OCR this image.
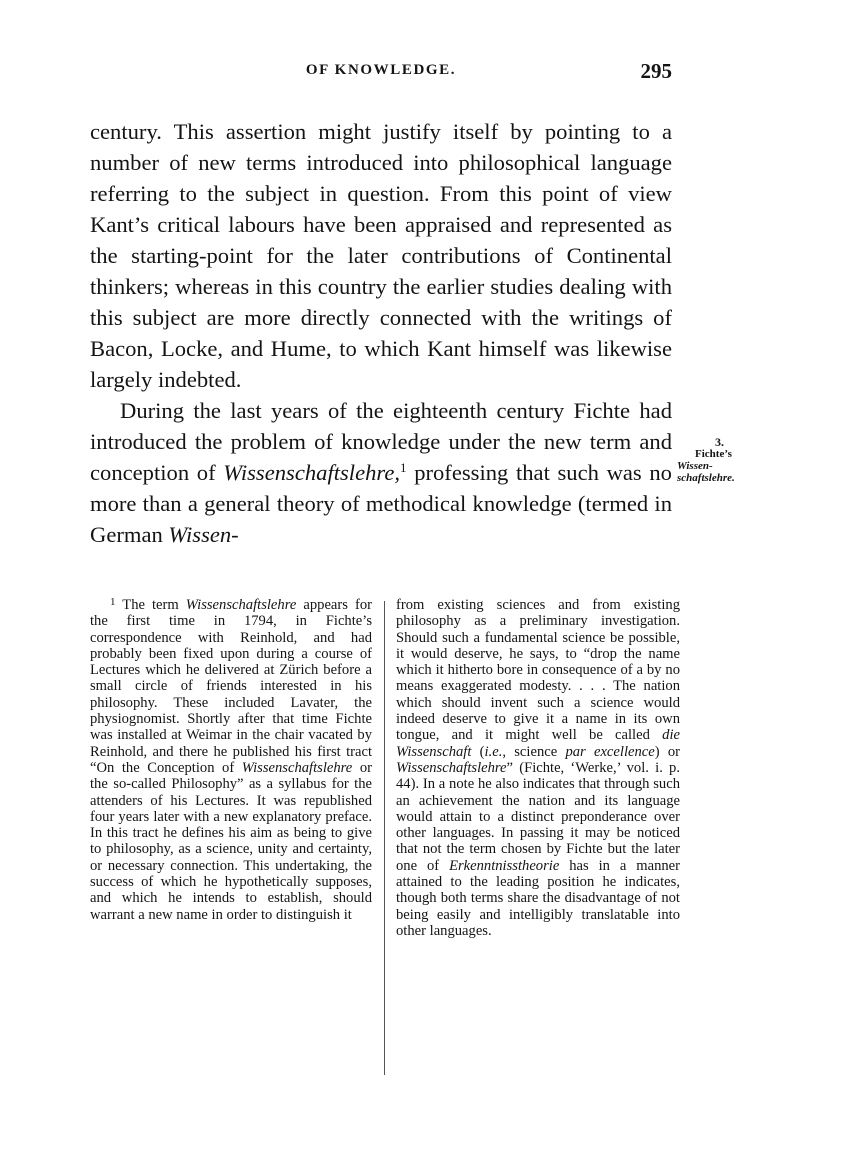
OF KNOWLEDGE.	295

century. This assertion might justify itself by pointing to a number of new terms introduced into philosophical language referring to the subject in question. From this point of view Kant’s critical labours have been appraised and represented as the starting-point for the later contributions of Continental thinkers; whereas in this country the earlier studies dealing with this subject are more directly connected with the writings of Bacon, Locke, and Hume, to which Kant himself was likewise largely indebted.

During the last years of the eighteenth century Fichte had introduced the problem of knowledge under the new term and conception of Wissenschaftslehre,$^1$ professing that such was no more than a general theory of methodical knowledge (termed in German Wissen-

3.
Fichte’s
Wissen-
schaftslehre.

$^1$ The term Wissenschaftslehre appears for the first time in 1794, in Fichte’s correspondence with Reinhold, and had probably been fixed upon during a course of Lectures which he delivered at Zürich before a small circle of friends interested in his philosophy. These included Lavater, the physiognomist. Shortly after that time Fichte was installed at Weimar in the chair vacated by Reinhold, and there he published his first tract “On the Conception of Wissenschaftslehre or the so-called Philosophy” as a syllabus for the attenders of his Lectures. It was republished four years later with a new explanatory preface. In this tract he defines his aim as being to give to philosophy, as a science, unity and certainty, or necessary connection. This undertaking, the success of which he hypothetically supposes, and which he intends to establish, should warrant a new name in order to distinguish it

from existing sciences and from existing philosophy as a preliminary investigation. Should such a fundamental science be possible, it would deserve, he says, to “drop the name which it hitherto bore in consequence of a by no means exaggerated modesty. . . . The nation which should invent such a science would indeed deserve to give it a name in its own tongue, and it might well be called die Wissenschaft (i.e., science par excellence) or Wissenschaftslehre” (Fichte, ‘Werke,’ vol. i. p. 44). In a note he also indicates that through such an achievement the nation and its language would attain to a distinct preponderance over other languages. In passing it may be noticed that not the term chosen by Fichte but the later one of Erkenntnisstheorie has in a manner attained to the leading position he indicates, though both terms share the disadvantage of not being easily and intelligibly translatable into other languages.
